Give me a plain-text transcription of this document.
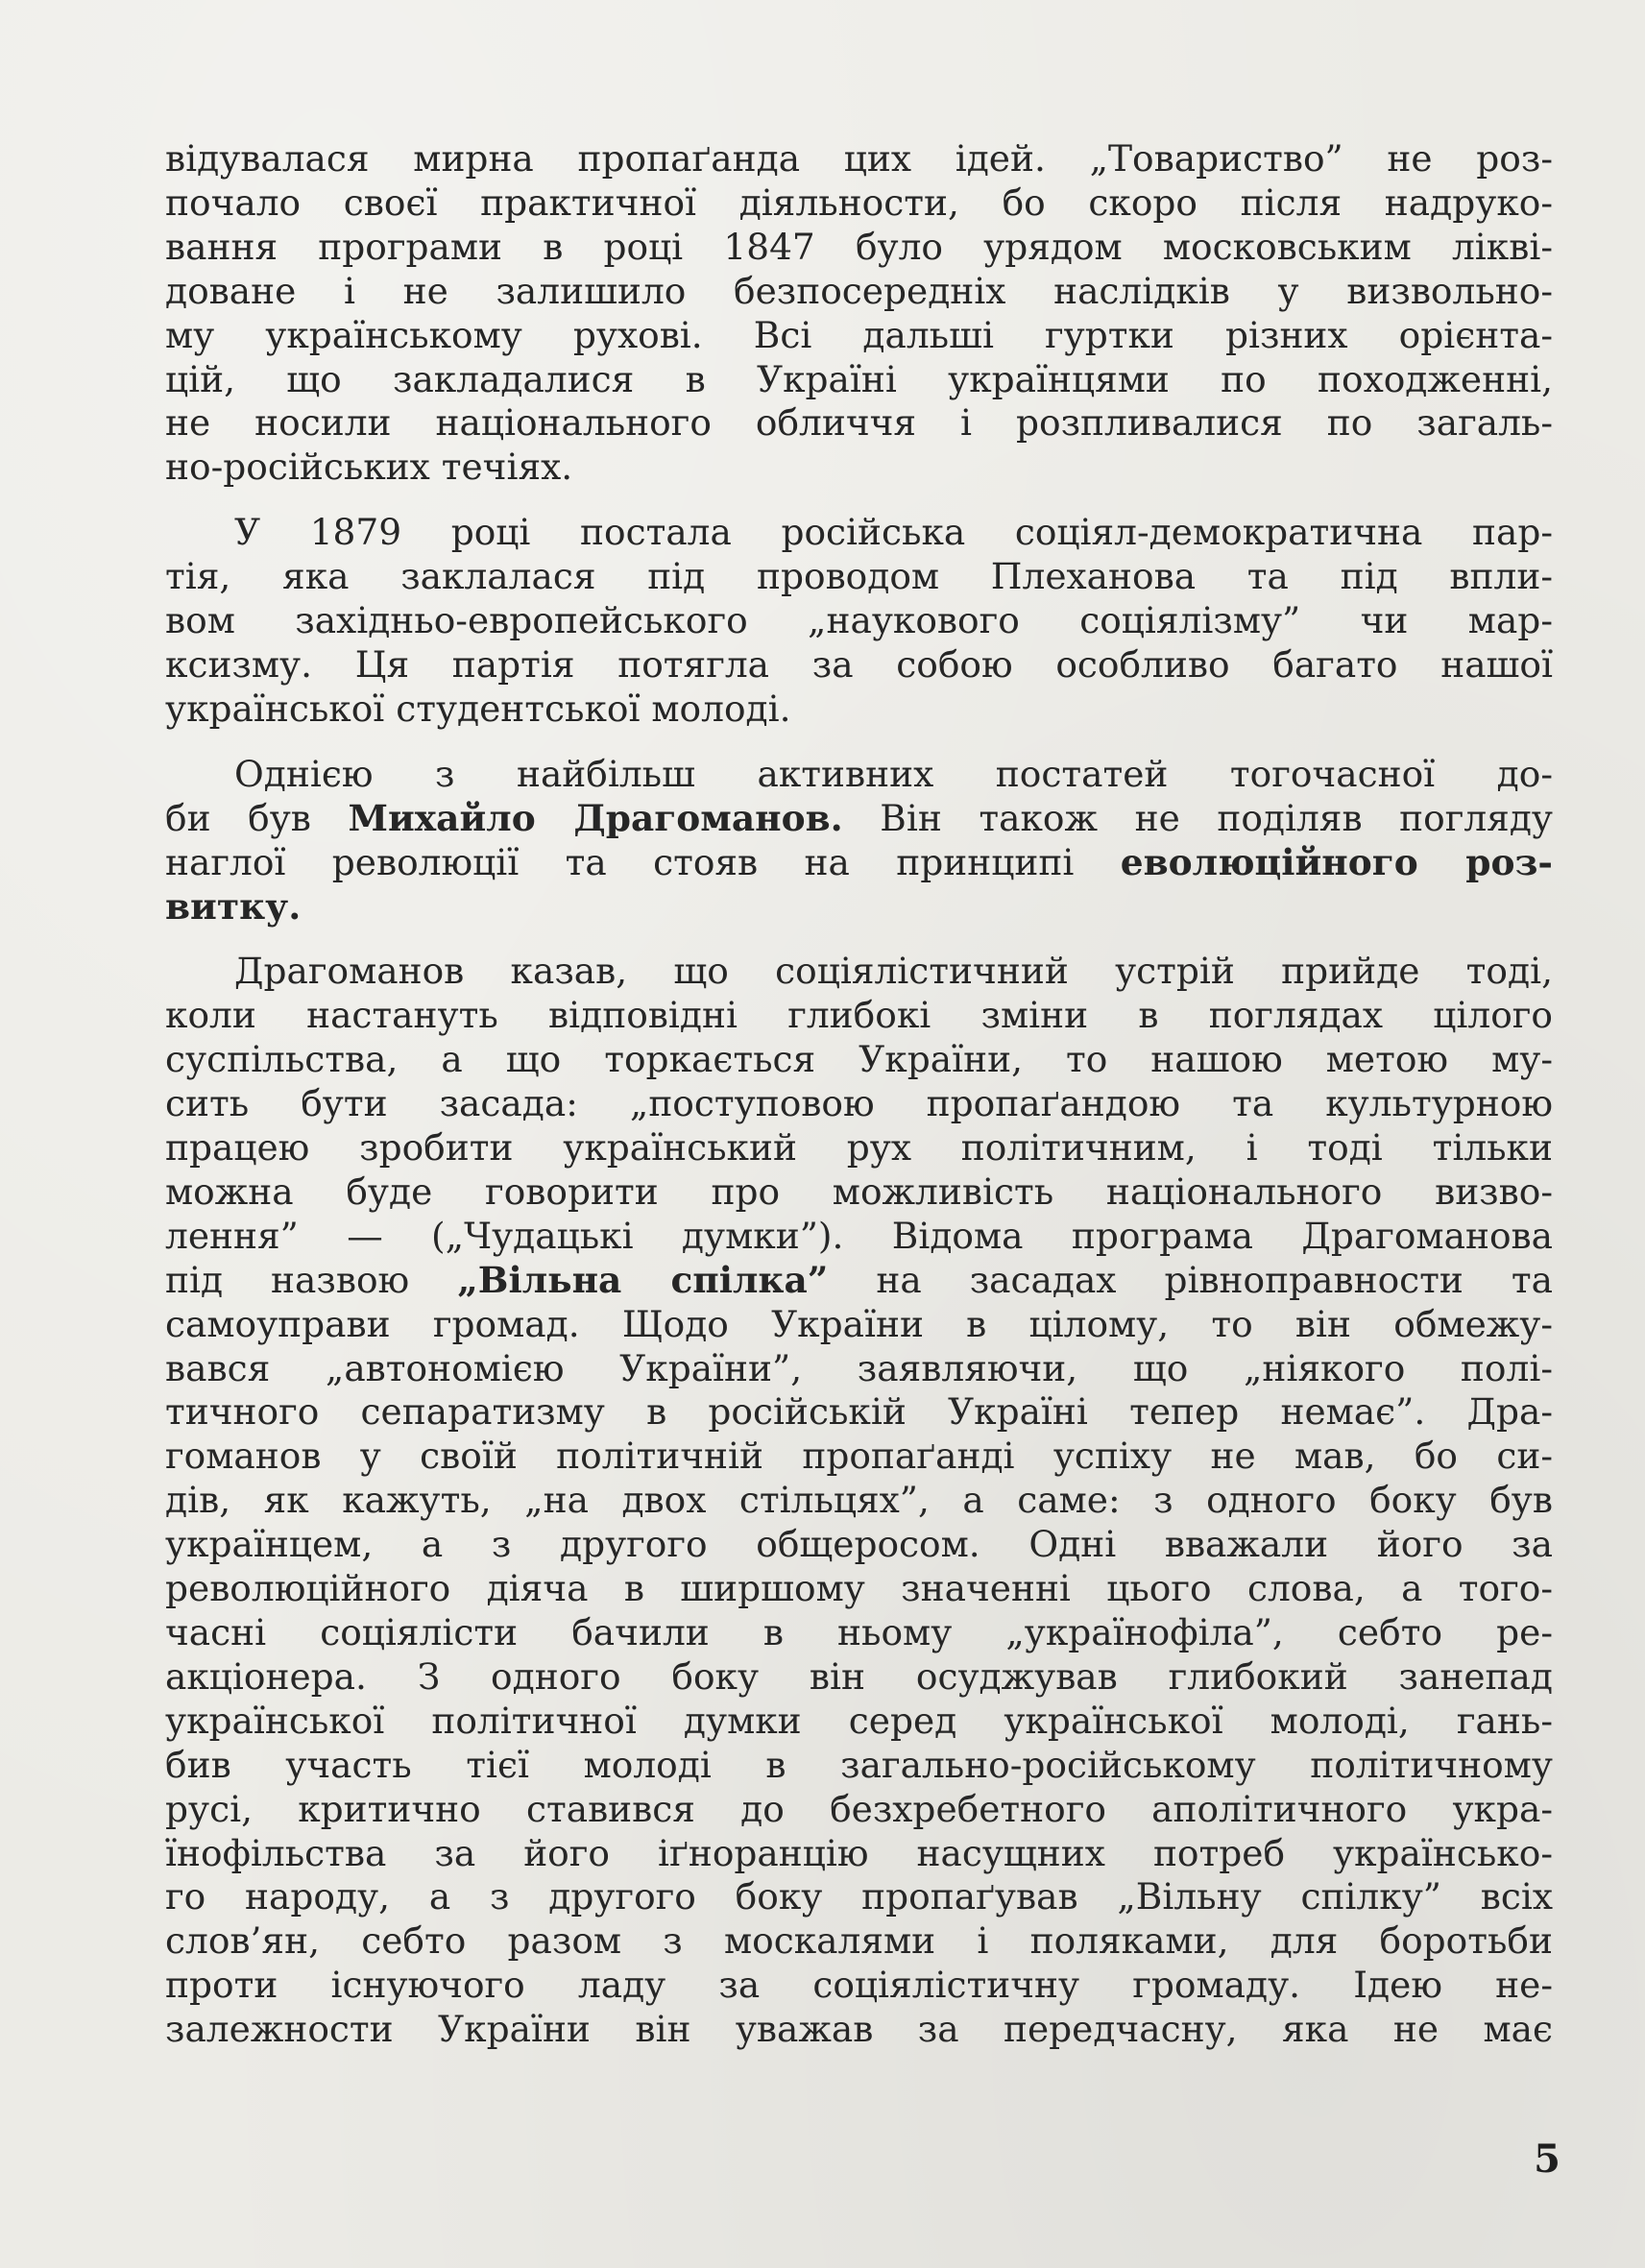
відувалася мирна пропаґанда цих ідей. „Товариство” не роз-
почало своєї практичної діяльности, бо скоро після надруко-
вання програми в році 1847 було урядом московським ліквi-
доване і не залишило безпосередніх наслідків у визвольно-
му українському рухові. Всі дальші гуртки різних орієнта-
цій, що закладалися в Україні українцями по походженні,
не носили національного обличчя і розпливалися по загаль-
но-російських течіях.

У 1879 році постала російська соціял-демократична пар-
тія, яка заклалася під проводом Плеханова та під впли-
вом західньо-европейського „наукового соціялізму” чи мар-
ксизму. Ця партія потягла за собою особливо багато нашої
української студентської молоді.

Однією з найбільш активних постатей тогочасної до-
би був Михайло Драгоманов. Він також не поділяв погляду
наглої революції та стояв на принципі еволюційного роз-
витку.

Драгоманов казав, що соціялістичний устрій прийде тоді,
коли настануть відповідні глибокі зміни в поглядах цілого
суспільства, а що торкається України, то нашою метою му-
сить бути засада: „поступовою пропаґандою та культурною
працею зробити український рух політичним, і тоді тільки
можна буде говорити про можливість національного визво-
лення” — („Чудацькі думки”). Відома програма Драгоманова
під назвою „Вільна спілка” на засадах рівноправности та
самоуправи громад. Щодо України в цілому, то він обмежу-
вався „автономією України”, заявляючи, що „ніякого полі-
тичного сепаратизму в російській Україні тепер немає”. Дра-
гоманов у своїй політичній пропаґанді успіху не мав, бо си-
дів, як кажуть, „на двох стільцях”, а саме: з одного боку був
українцем, а з другого общеросом. Одні вважали його за
революційного діяча в ширшому значенні цього слова, а того-
часні соціялісти бачили в ньому „українофіла”, себто ре-
акціонера. З одного боку він осуджував глибокий занепад
української політичної думки серед української молоді, гань-
бив участь тієї молоді в загально-російському політичному
русі, критично ставився до безхребетного аполітичного укра-
їнофільства за його іґноранцію насущних потреб українсько-
го народу, а з другого боку пропаґував „Вільну спілку” всіх
слов’ян, себто разом з москалями і поляками, для боротьби
проти існуючого ладу за соціялістичну громаду. Ідею не-
залежности України він уважав за передчасну, яка не має

5
